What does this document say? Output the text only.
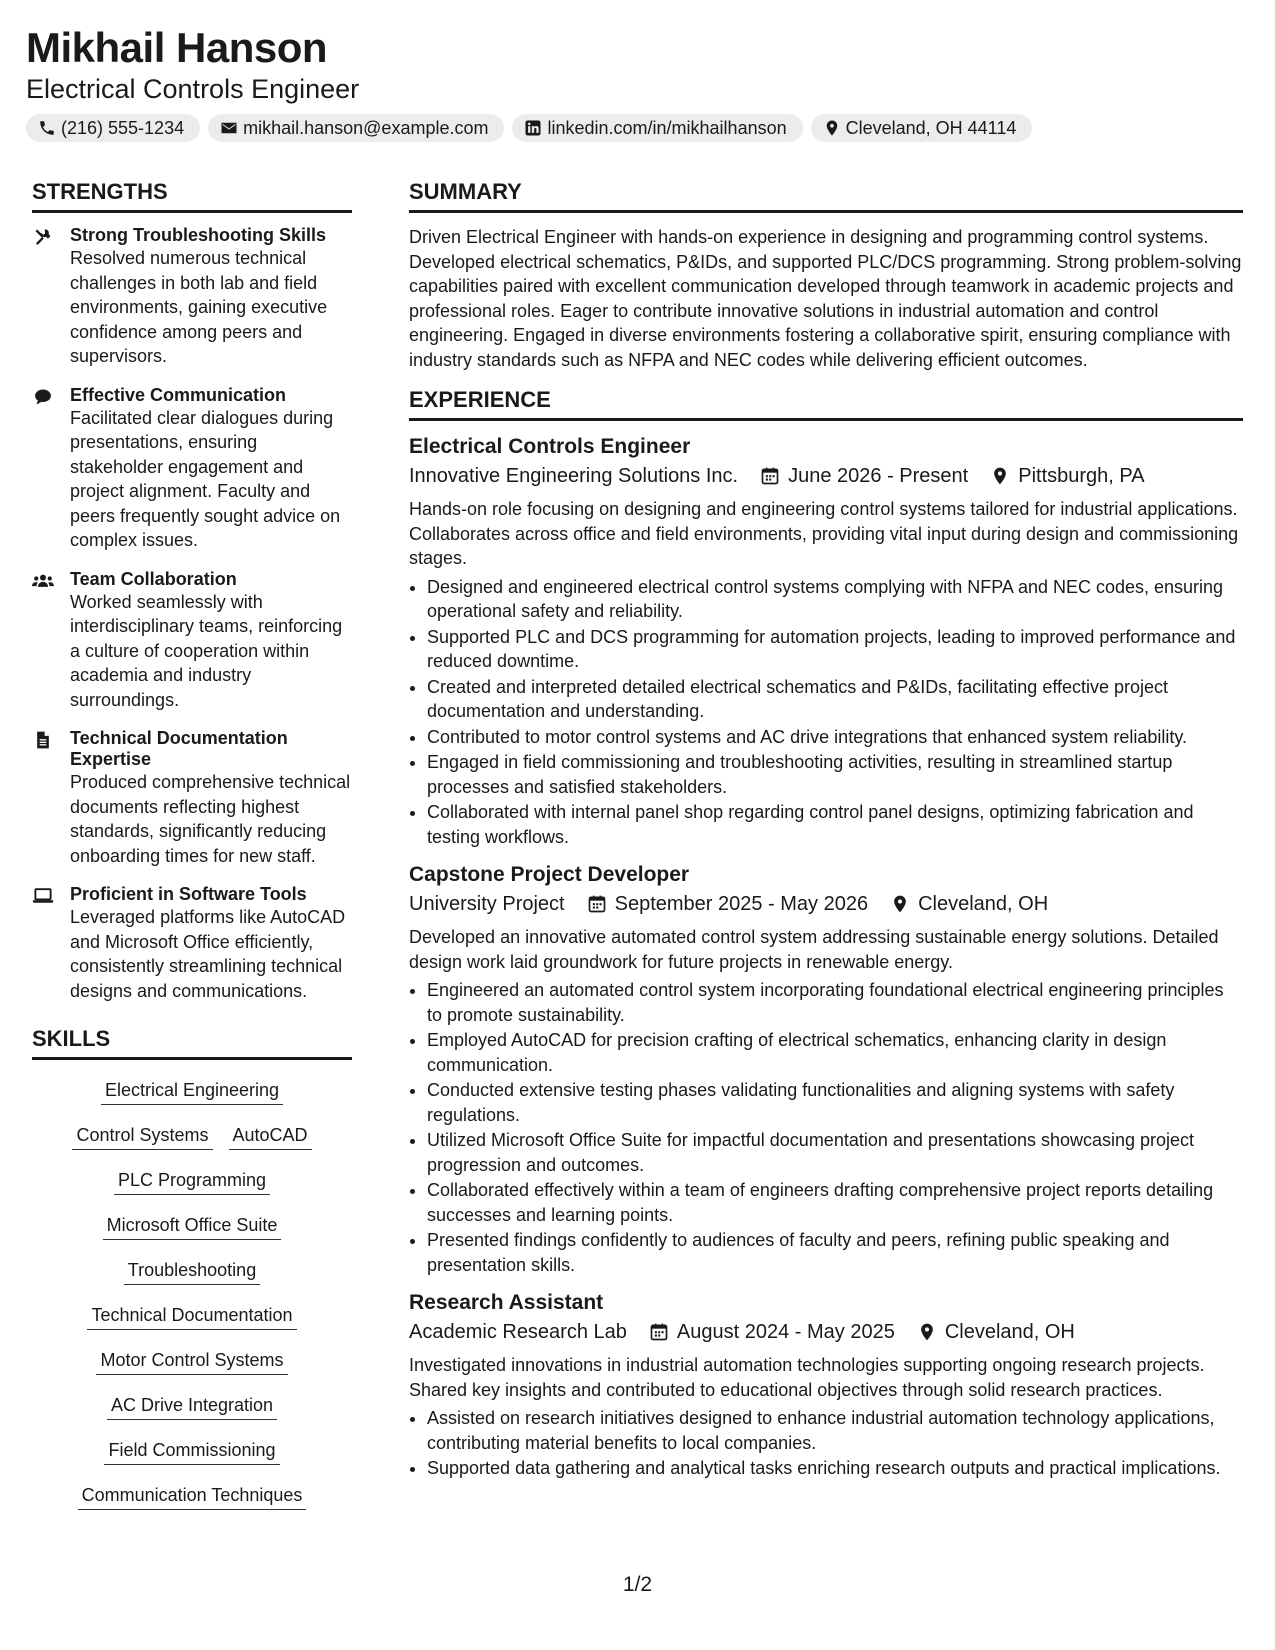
Mikhail Hanson
Electrical Controls Engineer
(216) 555-1234	mikhail.hanson@example.com	linkedin.com/in/mikhailhanson	Cleveland, OH 44114
STRENGTHS
Strong Troubleshooting Skills
Resolved numerous technical challenges in both lab and field environments, gaining executive confidence among peers and supervisors.
Effective Communication
Facilitated clear dialogues during presentations, ensuring stakeholder engagement and project alignment. Faculty and peers frequently sought advice on complex issues.
Team Collaboration
Worked seamlessly with interdisciplinary teams, reinforcing a culture of cooperation within academia and industry surroundings.
Technical Documentation Expertise
Produced comprehensive technical documents reflecting highest standards, significantly reducing onboarding times for new staff.
Proficient in Software Tools
Leveraged platforms like AutoCAD and Microsoft Office efficiently, consistently streamlining technical designs and communications.
SKILLS
Electrical Engineering
Control Systems AutoCAD
PLC Programming
Microsoft Office Suite
Troubleshooting
Technical Documentation
Motor Control Systems
AC Drive Integration
Field Commissioning
Communication Techniques
SUMMARY
Driven Electrical Engineer with hands-on experience in designing and programming control systems. Developed electrical schematics, P&IDs, and supported PLC/DCS programming. Strong problem-solving capabilities paired with excellent communication developed through teamwork in academic projects and professional roles. Eager to contribute innovative solutions in industrial automation and control engineering. Engaged in diverse environments fostering a collaborative spirit, ensuring compliance with industry standards such as NFPA and NEC codes while delivering efficient outcomes.
EXPERIENCE
Electrical Controls Engineer
Innovative Engineering Solutions Inc.	June 2026 - Present	Pittsburgh, PA
Hands-on role focusing on designing and engineering control systems tailored for industrial applications. Collaborates across office and field environments, providing vital input during design and commissioning stages.
• Designed and engineered electrical control systems complying with NFPA and NEC codes, ensuring operational safety and reliability.
• Supported PLC and DCS programming for automation projects, leading to improved performance and reduced downtime.
• Created and interpreted detailed electrical schematics and P&IDs, facilitating effective project documentation and understanding.
• Contributed to motor control systems and AC drive integrations that enhanced system reliability.
• Engaged in field commissioning and troubleshooting activities, resulting in streamlined startup processes and satisfied stakeholders.
• Collaborated with internal panel shop regarding control panel designs, optimizing fabrication and testing workflows.
Capstone Project Developer
University Project	September 2025 - May 2026	Cleveland, OH
Developed an innovative automated control system addressing sustainable energy solutions. Detailed design work laid groundwork for future projects in renewable energy.
• Engineered an automated control system incorporating foundational electrical engineering principles to promote sustainability.
• Employed AutoCAD for precision crafting of electrical schematics, enhancing clarity in design communication.
• Conducted extensive testing phases validating functionalities and aligning systems with safety regulations.
• Utilized Microsoft Office Suite for impactful documentation and presentations showcasing project progression and outcomes.
• Collaborated effectively within a team of engineers drafting comprehensive project reports detailing successes and learning points.
• Presented findings confidently to audiences of faculty and peers, refining public speaking and presentation skills.
Research Assistant
Academic Research Lab	August 2024 - May 2025	Cleveland, OH
Investigated innovations in industrial automation technologies supporting ongoing research projects. Shared key insights and contributed to educational objectives through solid research practices.
• Assisted on research initiatives designed to enhance industrial automation technology applications, contributing material benefits to local companies.
• Supported data gathering and analytical tasks enriching research outputs and practical implications.
1/2
